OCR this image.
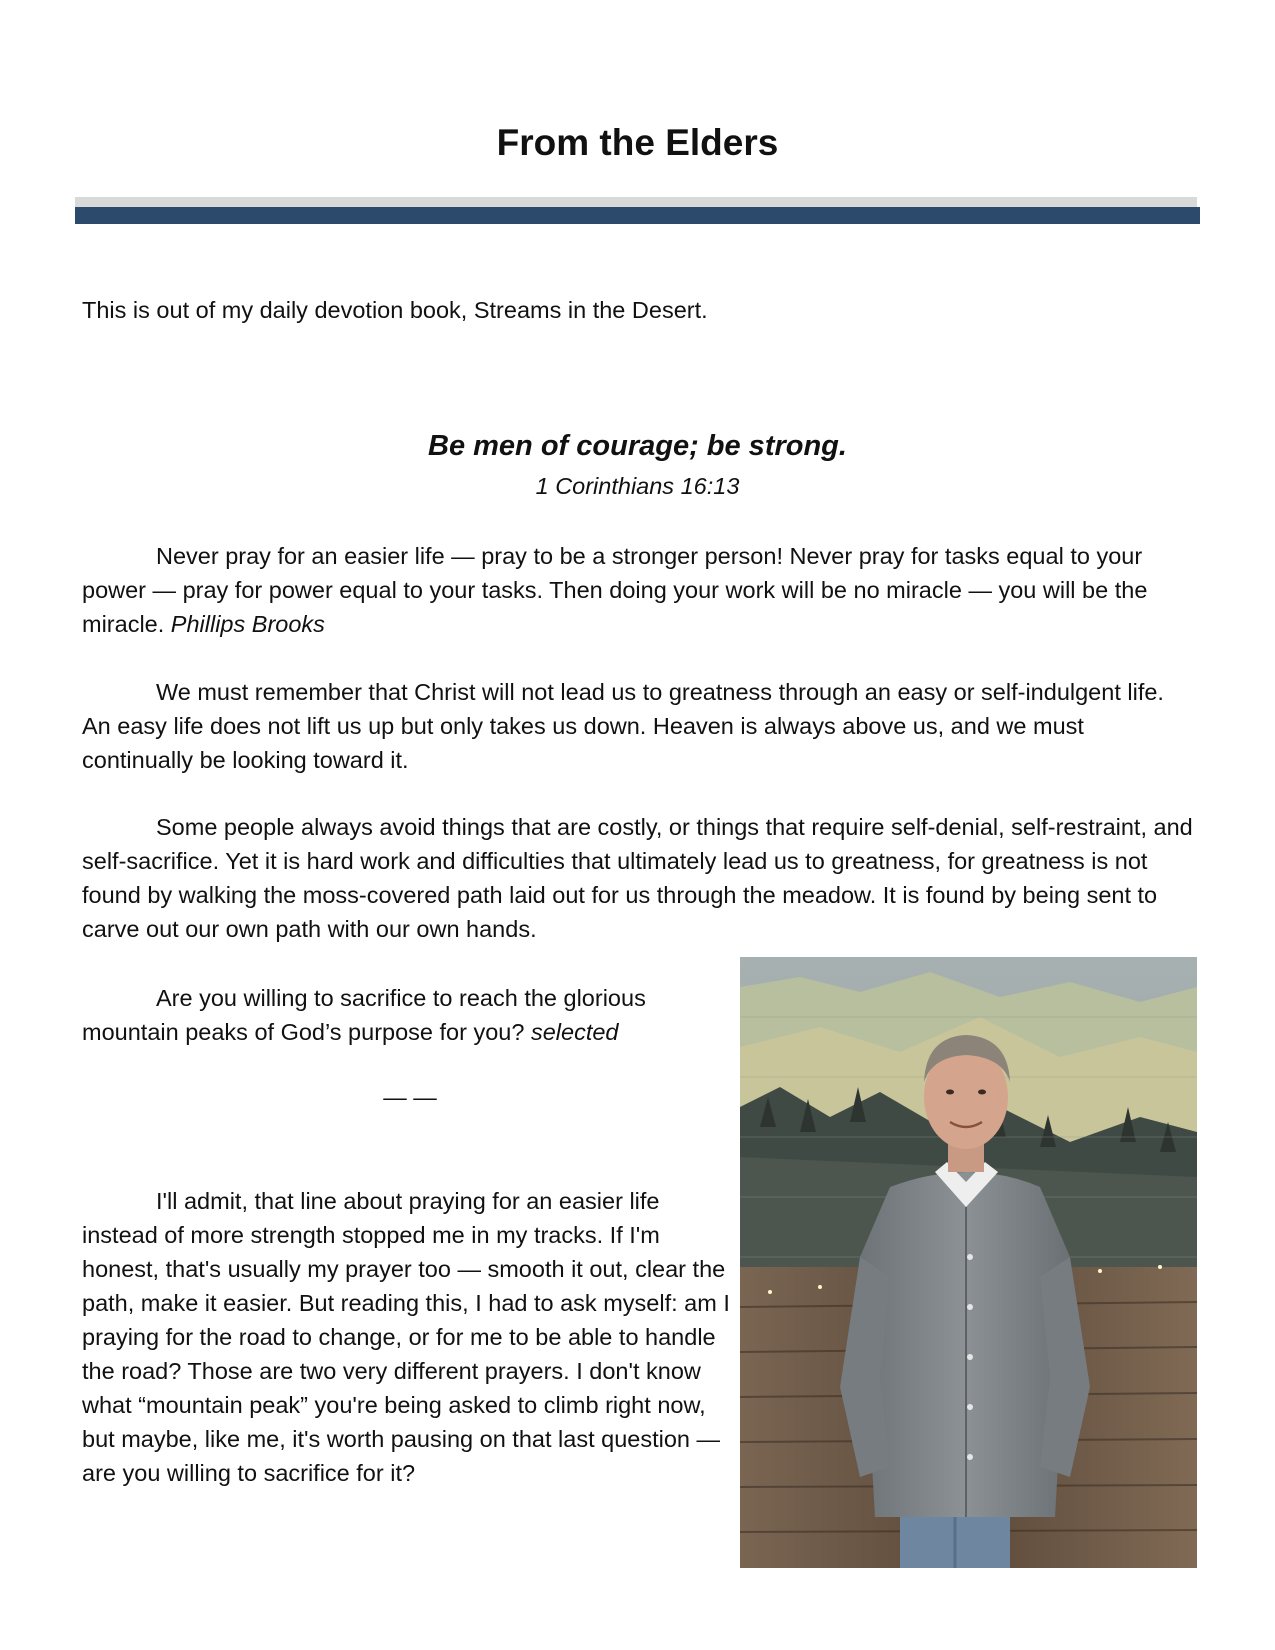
From the Elders

This is out of my daily devotion book, Streams in the Desert.

Be men of courage; be strong.

1 Corinthians 16:13

Never pray for an easier life — pray to be a stronger person! Never pray for tasks equal to your power — pray for power equal to your tasks. Then doing your work will be no miracle — you will be the miracle. Phillips Brooks

We must remember that Christ will not lead us to greatness through an easy or self-indulgent life. An easy life does not lift us up but only takes us down. Heaven is always above us, and we must continually be looking toward it.

Some people always avoid things that are costly, or things that require self-denial, self-restraint, and self-sacrifice. Yet it is hard work and difficulties that ultimately lead us to greatness, for greatness is not found by walking the moss-covered path laid out for us through the meadow. It is found by being sent to carve out our own path with our own hands.

Are you willing to sacrifice to reach the glorious mountain peaks of God’s purpose for you? selected

— —

I'll admit, that line about praying for an easier life instead of more strength stopped me in my tracks. If I'm honest, that's usually my prayer too — smooth it out, clear the path, make it easier. But reading this, I had to ask myself: am I praying for the road to change, or for me to be able to handle the road? Those are two very different prayers. I don't know what “mountain peak” you're being asked to climb right now, but maybe, like me, it's worth pausing on that last question — are you willing to sacrifice for it?
